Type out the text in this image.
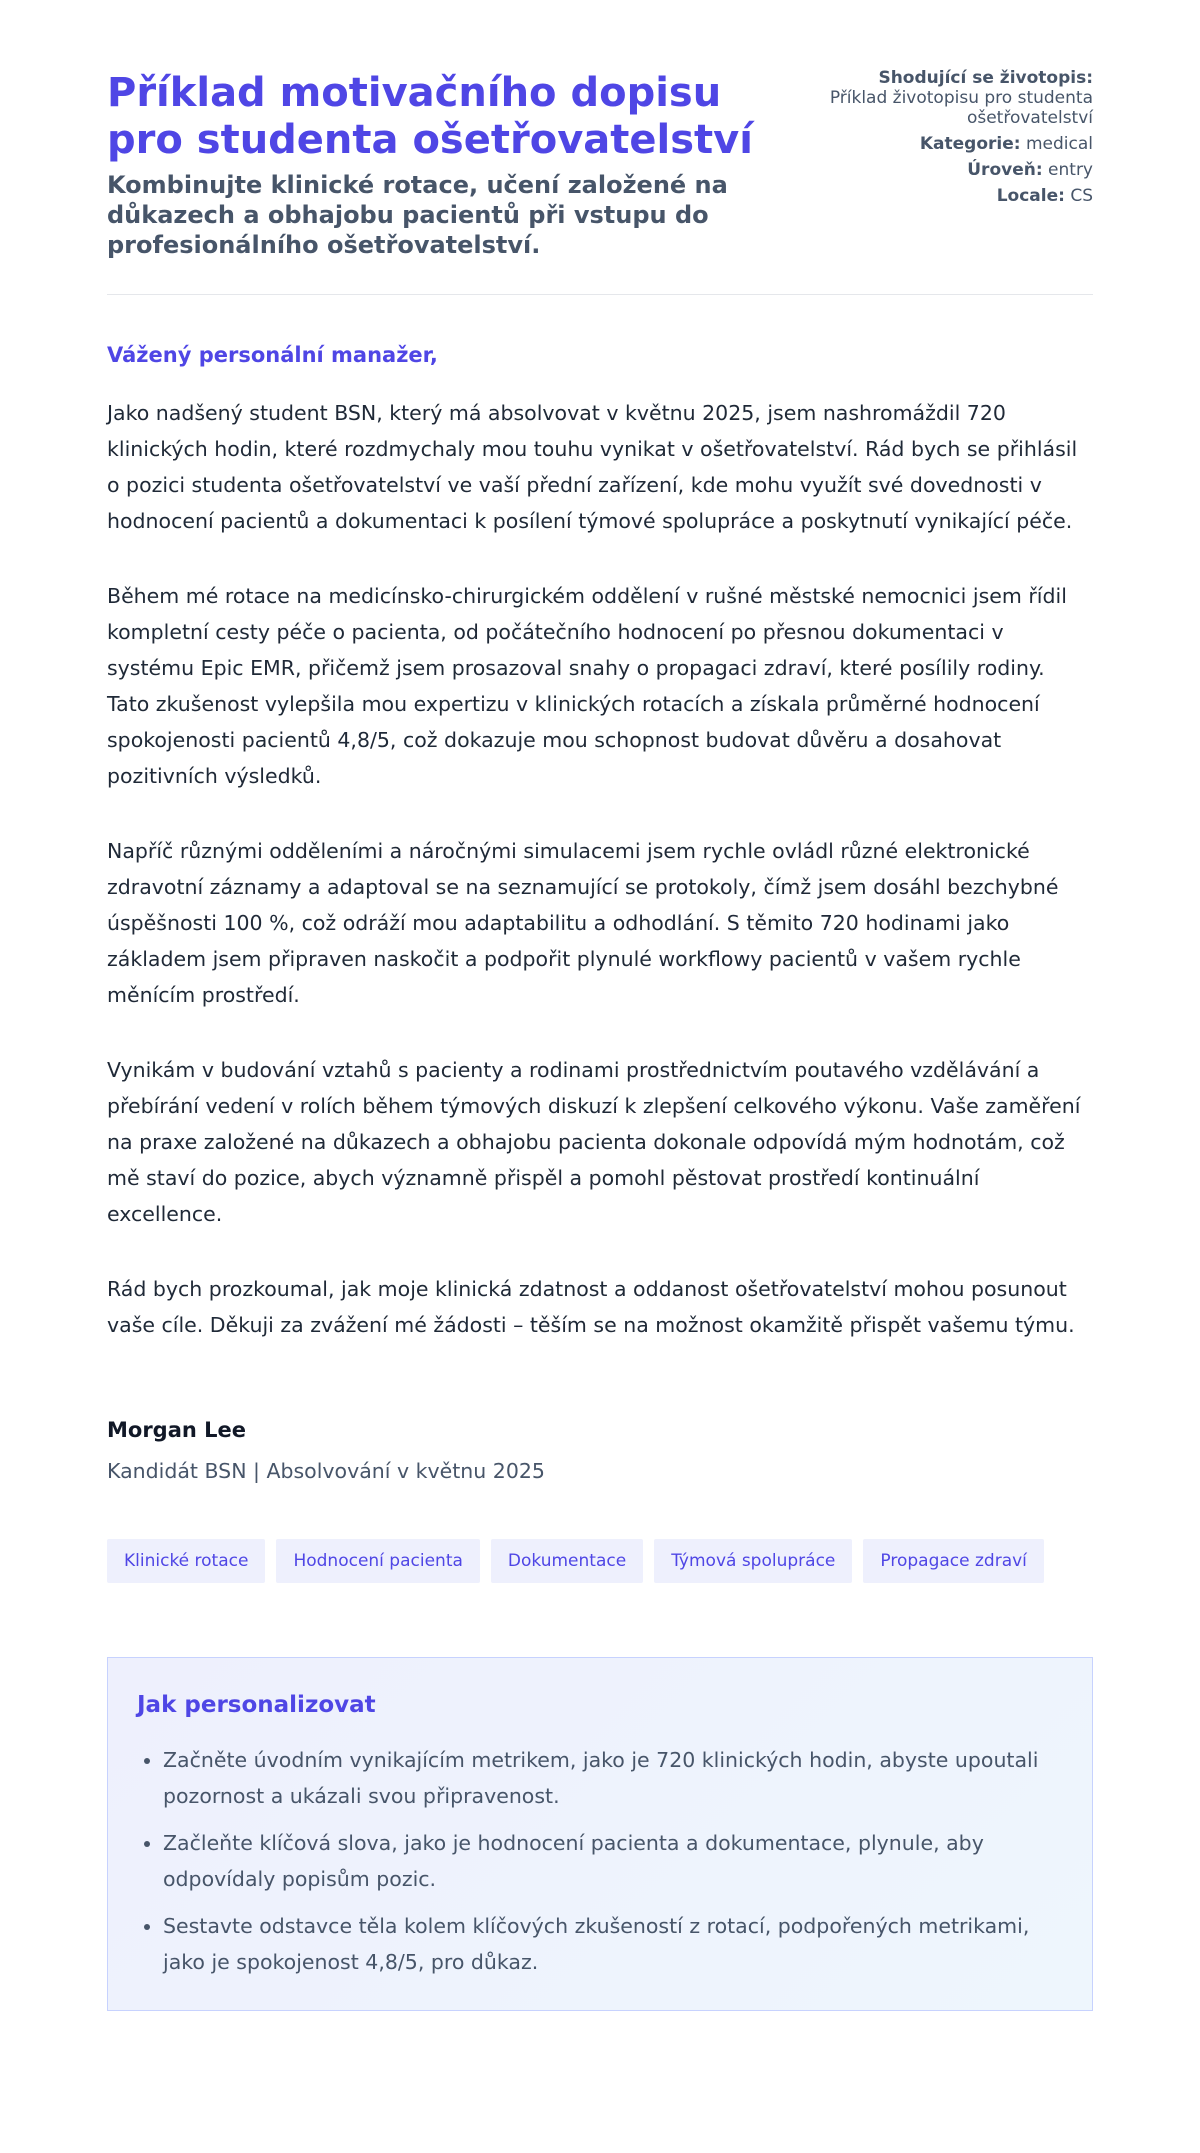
Příklad motivačního dopisu pro studenta ošetřovatelství
Kombinujte klinické rotace, učení založené na důkazech a obhajobu pacientů při vstupu do profesionálního ošetřovatelství.
Shodující se životopis:
Příklad životopisu pro studenta ošetřovatelství
Kategorie: medical
Úroveň: entry
Locale: CS
Vážený personální manažer,

Jako nadšený student BSN, který má absolvovat v květnu 2025, jsem nashromáždil 720 klinických hodin, které rozdmychaly mou touhu vynikat v ošetřovatelství. Rád bych se přihlásil o pozici studenta ošetřovatelství ve vaší přední zařízení, kde mohu využít své dovednosti v hodnocení pacientů a dokumentaci k posílení týmové spolupráce a poskytnutí vynikající péče.

Během mé rotace na medicínsko-chirurgickém oddělení v rušné městské nemocnici jsem řídil kompletní cesty péče o pacienta, od počátečního hodnocení po přesnou dokumentaci v systému Epic EMR, přičemž jsem prosazoval snahy o propagaci zdraví, které posílily rodiny. Tato zkušenost vylepšila mou expertizu v klinických rotacích a získala průměrné hodnocení spokojenosti pacientů 4,8/5, což dokazuje mou schopnost budovat důvěru a dosahovat pozitivních výsledků.

Napříč různými odděleními a náročnými simulacemi jsem rychle ovládl různé elektronické zdravotní záznamy a adaptoval se na seznamující se protokoly, čímž jsem dosáhl bezchybné úspěšnosti 100 %, což odráží mou adaptabilitu a odhodlání. S těmito 720 hodinami jako základem jsem připraven naskočit a podpořit plynulé workflowy pacientů v vašem rychle měnícím prostředí.

Vynikám v budování vztahů s pacienty a rodinami prostřednictvím poutavého vzdělávání a přebírání vedení v rolích během týmových diskuzí k zlepšení celkového výkonu. Vaše zaměření na praxe založené na důkazech a obhajobu pacienta dokonale odpovídá mým hodnotám, což mě staví do pozice, abych významně přispěl a pomohl pěstovat prostředí kontinuální excellence.

Rád bych prozkoumal, jak moje klinická zdatnost a oddanost ošetřovatelství mohou posunout vaše cíle. Děkuji za zvážení mé žádosti – těším se na možnost okamžitě přispět vašemu týmu.

Morgan Lee
Kandidát BSN | Absolvování v květnu 2025
Klinické rotace	Hodnocení pacienta	Dokumentace	Týmová spolupráce	Propagace zdraví
Jak personalizovat
• Začněte úvodním vynikajícím metrikem, jako je 720 klinických hodin, abyste upoutali pozornost a ukázali svou připravenost.
• Začleňte klíčová slova, jako je hodnocení pacienta a dokumentace, plynule, aby odpovídaly popisům pozic.
• Sestavte odstavce těla kolem klíčových zkušeností z rotací, podpořených metrikami, jako je spokojenost 4,8/5, pro důkaz.
